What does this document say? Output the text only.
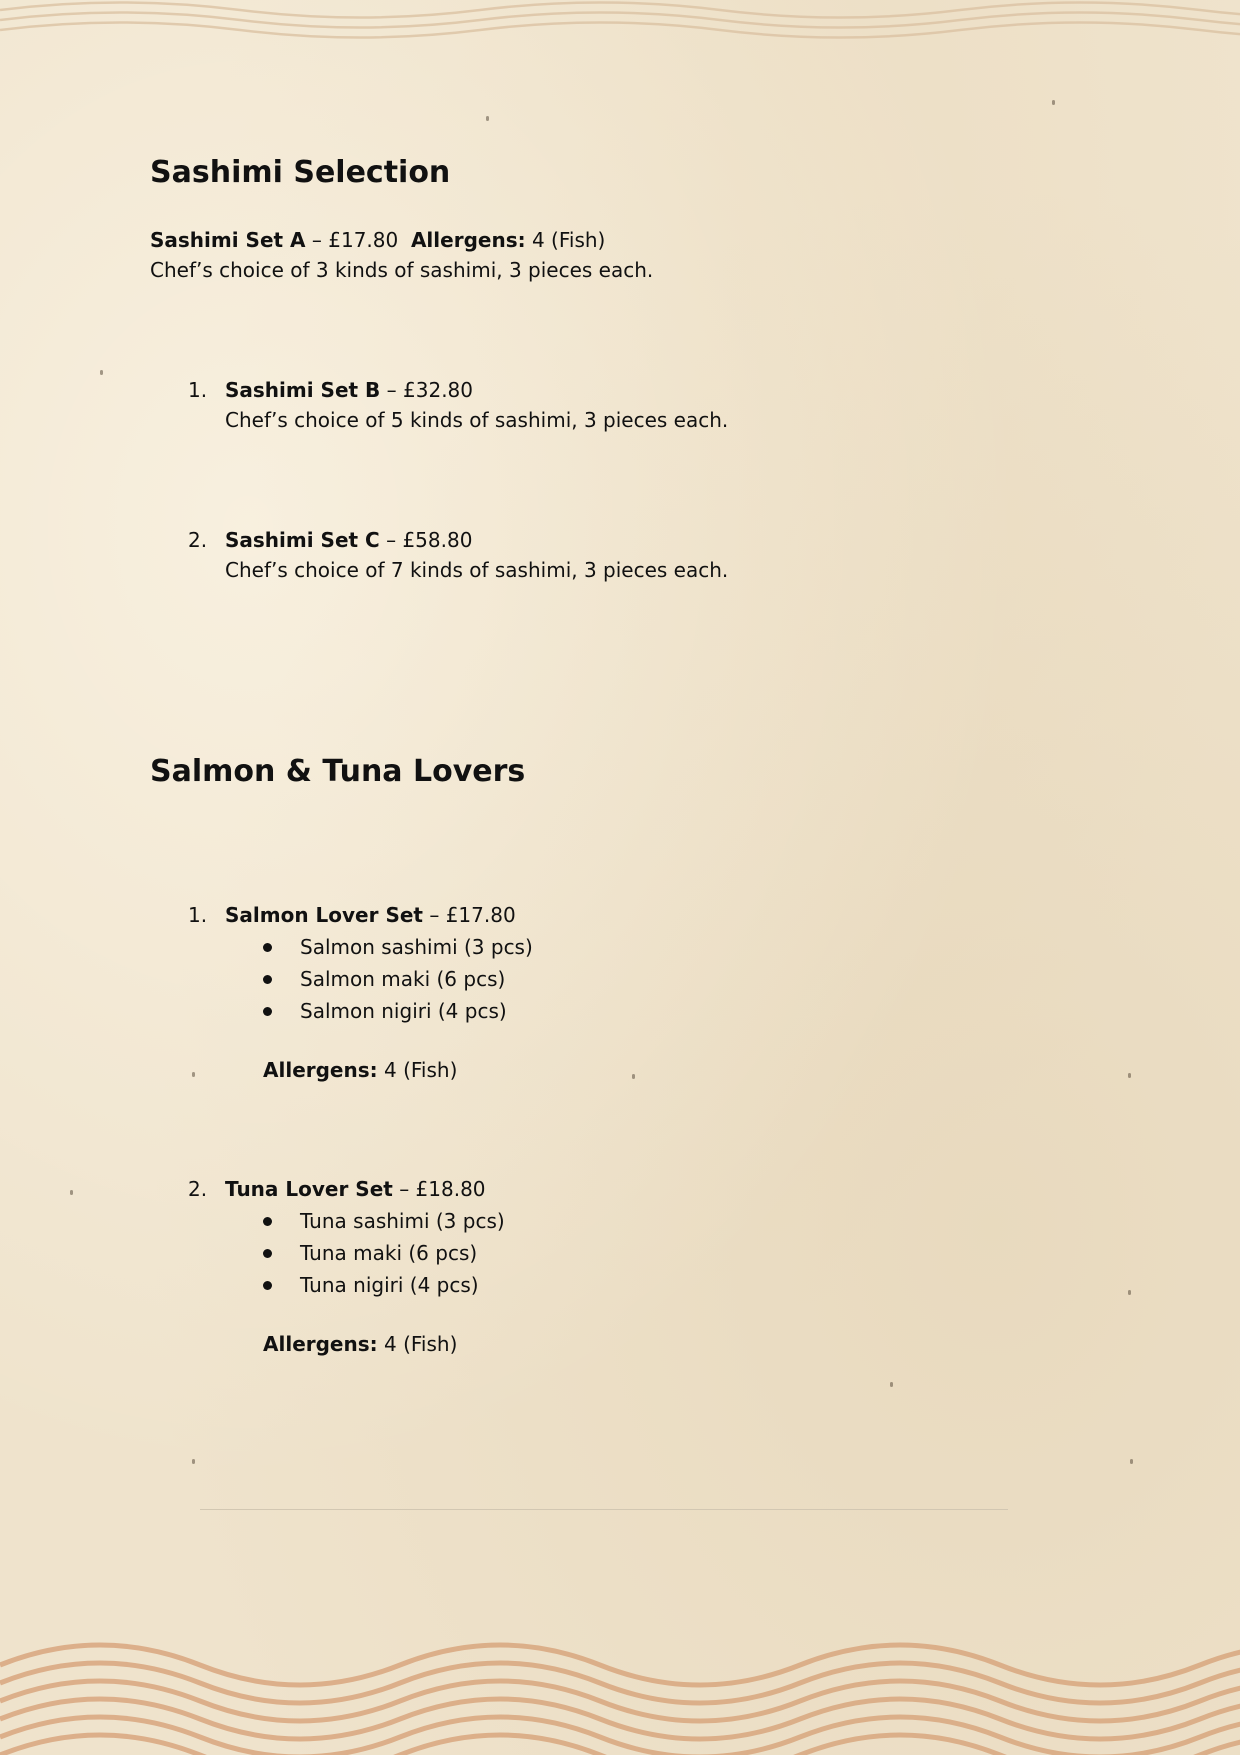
Sashimi Selection
Sashimi Set A – £17.80 Allergens: 4 (Fish)
Chef’s choice of 3 kinds of sashimi, 3 pieces each.
1. Sashimi Set B – £32.80
Chef’s choice of 5 kinds of sashimi, 3 pieces each.
2. Sashimi Set C – £58.80
Chef’s choice of 7 kinds of sashimi, 3 pieces each.
Salmon & Tuna Lovers
1. Salmon Lover Set – £17.80
Salmon sashimi (3 pcs)
Salmon maki (6 pcs)
Salmon nigiri (4 pcs)
Allergens: 4 (Fish)
2. Tuna Lover Set – £18.80
Tuna sashimi (3 pcs)
Tuna maki (6 pcs)
Tuna nigiri (4 pcs)
Allergens: 4 (Fish)
